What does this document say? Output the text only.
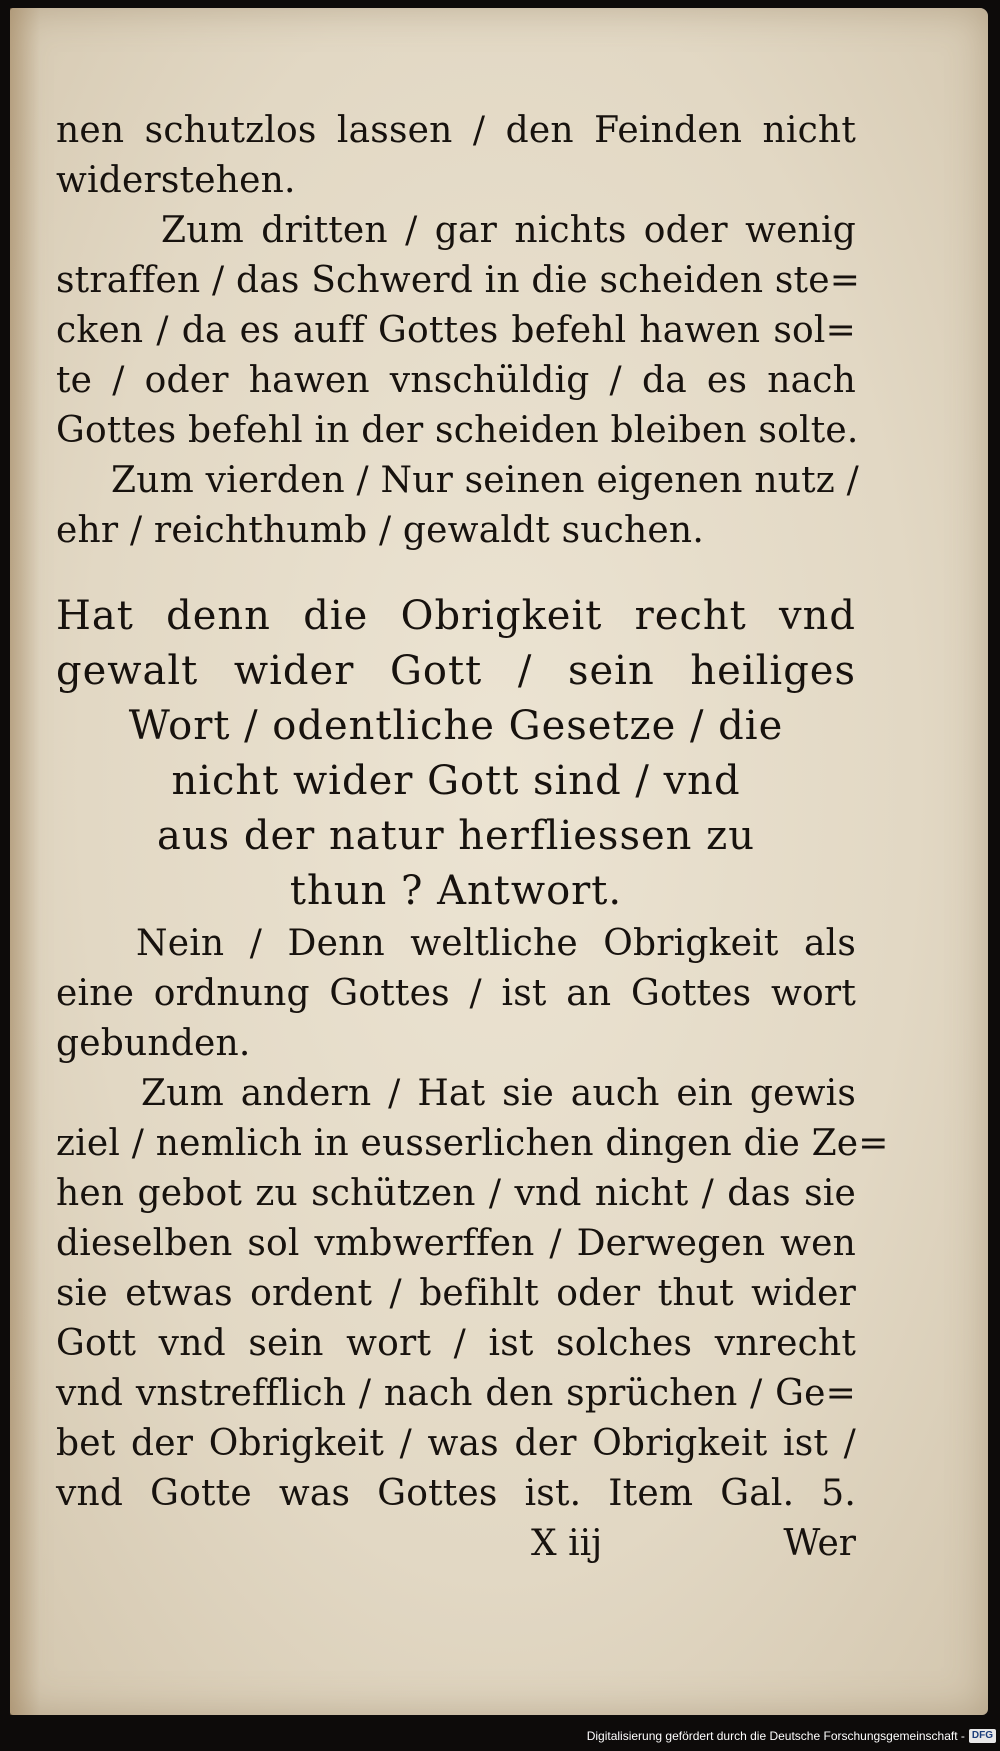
nen schutzlos lassen / den Feinden nicht
widerstehen.
Zum dritten / gar nichts oder wenig
straffen / das Schwerd in die scheiden ste=
cken / da es auff Gottes befehl hawen sol=
te / oder hawen vnschüldig / da es nach
Gottes befehl in der scheiden bleiben solte.
Zum vierden / Nur seinen eigenen nutz /
ehr / reichthumb / gewaldt suchen.
Hat denn die Obrigkeit recht vnd
gewalt wider Gott / sein heiliges
Wort / odentliche Gesetze / die
nicht wider Gott sind / vnd
aus der natur herfliessen zu
thun ? Antwort.
Nein / Denn weltliche Obrigkeit als
eine ordnung Gottes / ist an Gottes wort
gebunden.
Zum andern / Hat sie auch ein gewis
ziel / nemlich in eusserlichen dingen die Ze=
hen gebot zu schützen / vnd nicht / das sie
dieselben sol vmbwerffen / Derwegen wen
sie etwas ordent / befihlt oder thut wider
Gott vnd sein wort / ist solches vnrecht
vnd vnstrefflich / nach den sprüchen / Ge=
bet der Obrigkeit / was der Obrigkeit ist /
vnd Gotte was Gottes ist. Item Gal. 5.
X iij	Wer
Digitalisierung gefördert durch die Deutsche Forschungsgemeinschaft - DFG
